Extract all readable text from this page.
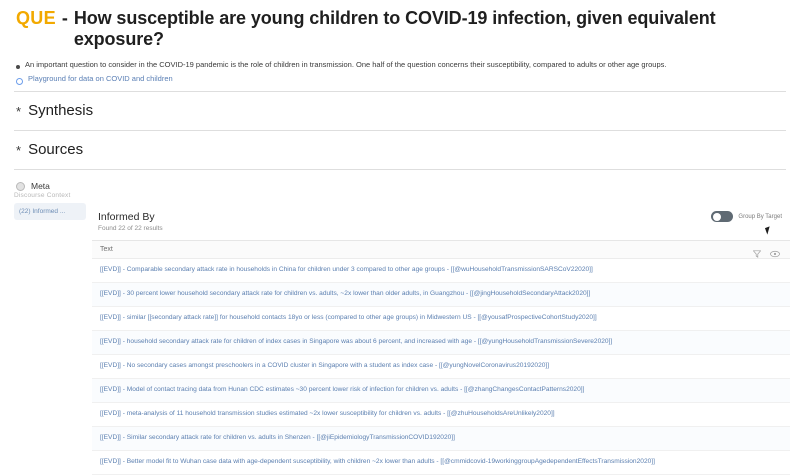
QUE - How susceptible are young children to COVID-19 infection, given equivalent exposure?
An important question to consider in the COVID-19 pandemic is the role of children in transmission. One half of the question concerns their susceptibility, compared to adults or other age groups.
Playground for data on COVID and children
* Synthesis
* Sources
Meta
Discourse Context
(22) Informed ...	Informed By
Found 22 of 22 results
Group By Target
Text
[[EVD]] - Comparable secondary attack rate in households in China for children under 3 compared to other age groups - [[@wuHouseholdTransmissionSARSCoV22020]]
[[EVD]] - 30 percent lower household secondary attack rate for children vs. adults, ~2x lower than older adults, in Guangzhou - [[@jingHouseholdSecondaryAttack2020]]
[[EVD]] - similar [[secondary attack rate]] for household contacts 18yo or less (compared to other age groups) in Midwestern US - [[@yousafProspectiveCohortStudy2020]]
[[EVD]] - household secondary attack rate for children of index cases in Singapore was about 6 percent, and increased with age - [[@yungHouseholdTransmissionSevere2020]]
[[EVD]] - No secondary cases amongst preschoolers in a COVID cluster in Singapore with a student as index case - [[@yungNovelCoronavirus20192020]]
[[EVD]] - Model of contact tracing data from Hunan CDC estimates ~30 percent lower risk of infection for children vs. adults - [[@zhangChangesContactPatterns2020]]
[[EVD]] - meta-analysis of 11 household transmission studies estimated ~2x lower susceptibility for children vs. adults - [[@zhuHouseholdsAreUnlikely2020]]
[[EVD]] - Similar secondary attack rate for children vs. adults in Shenzen - [[@jiEpidemiologyTransmissionCOVID192020]]
[[EVD]] - Better model fit to Wuhan case data with age-dependent susceptibility, with children ~2x lower than adults - [[@cmmidcovid-19workinggroupAgedependentEffectsTransmission2020]]
